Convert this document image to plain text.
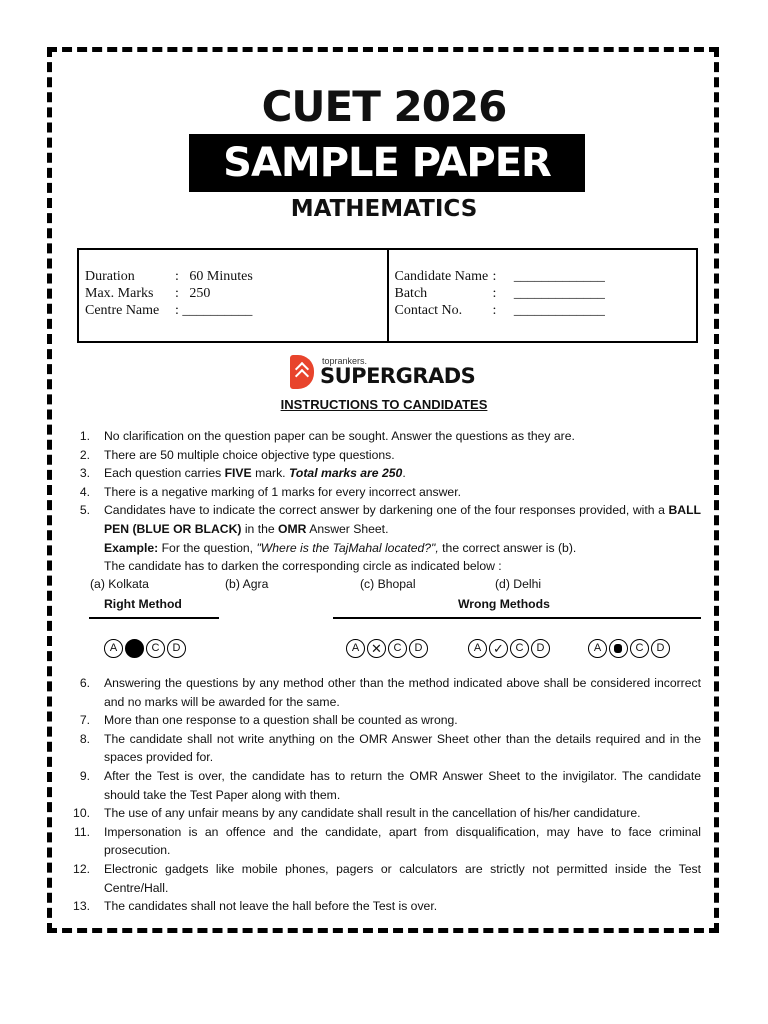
CUET 2026
SAMPLE PAPER
MATHEMATICS
Duration	: 60 Minutes
Max. Marks	: 250
Centre Name	: __________
Candidate Name : _____________
Batch	: _____________
Contact No.	: _____________
toprankers.
SUPERGRADS
INSTRUCTIONS TO CANDIDATES
1.	No clarification on the question paper can be sought. Answer the questions as they are.
2.	There are 50 multiple choice objective type questions.
3.	Each question carries FIVE mark. Total marks are 250.
4.	There is a negative marking of 1 marks for every incorrect answer.
5.	Candidates have to indicate the correct answer by darkening one of the four responses provided, with a BALL PEN (BLUE OR BLACK) in the OMR Answer Sheet.
Example: For the question, "Where is the TajMahal located?", the correct answer is (b).
The candidate has to darken the corresponding circle as indicated below :
(a) Kolkata	(b) Agra	(c) Bhopal	(d) Delhi
Right Method	Wrong Methods
A	C	D	A ✕	C	D	A ✓	C	D	A	C	D
6.	Answering the questions by any method other than the method indicated above shall be considered incorrect and no marks will be awarded for the same.
7.	More than one response to a question shall be counted as wrong.
8.	The candidate shall not write anything on the OMR Answer Sheet other than the details required and in the spaces provided for.
9.	After the Test is over, the candidate has to return the OMR Answer Sheet to the invigilator. The candidate should take the Test Paper along with them.
10.	The use of any unfair means by any candidate shall result in the cancellation of his/her candidature.
11.	Impersonation is an offence and the candidate, apart from disqualification, may have to face criminal prosecution.
12.	Electronic gadgets like mobile phones, pagers or calculators are strictly not permitted inside the Test Centre/Hall.
13.	The candidates shall not leave the hall before the Test is over.
